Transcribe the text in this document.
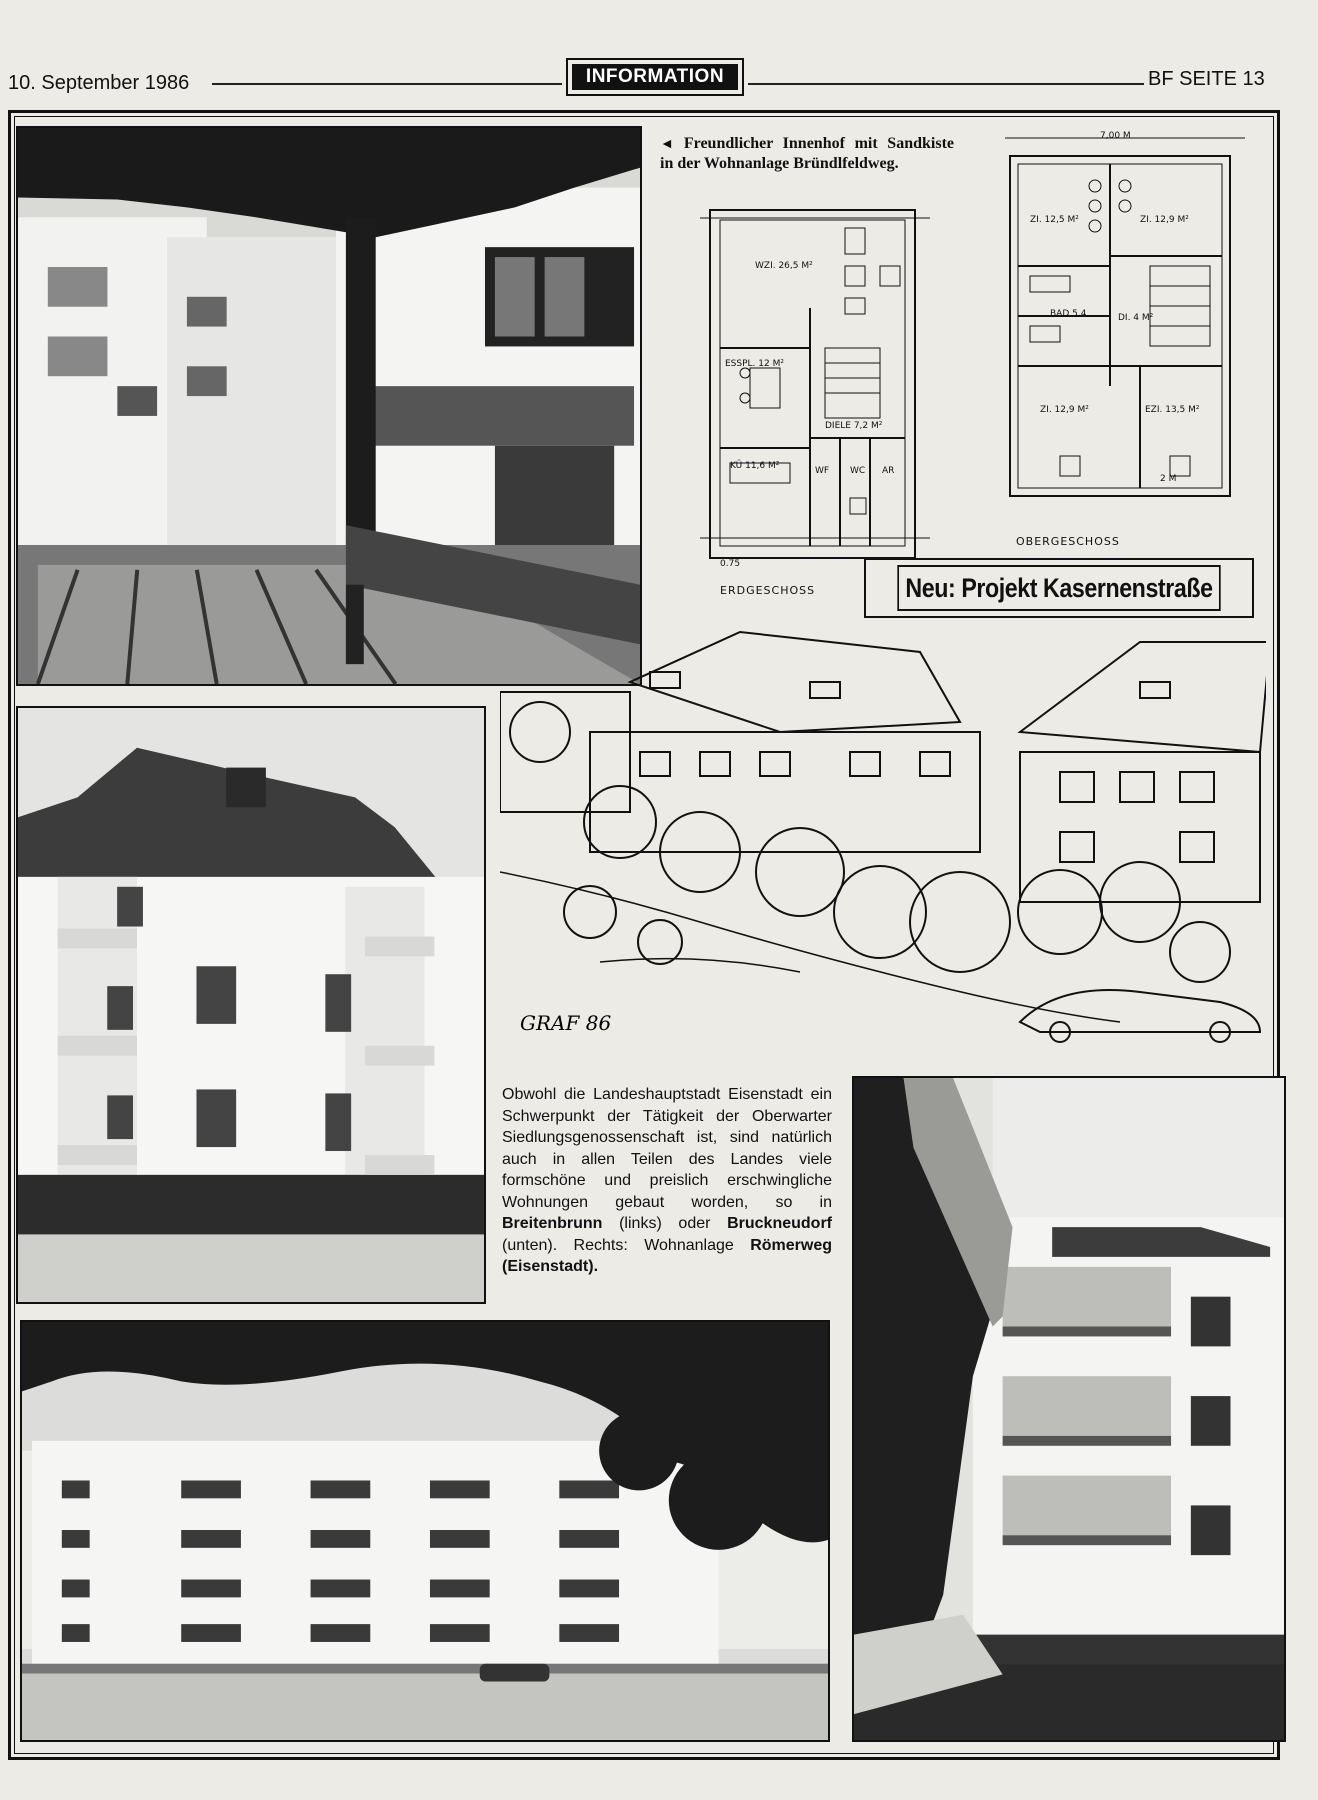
10. September 1986	INFORMATION	BF SEITE 13
◄ Freundlicher Innenhof mit Sandkiste in der Wohnanlage Bründlfeldweg.
WZI. 26,5 M²
ESSPL. 12 M²
DIELE 7,2 M²
KÜ 11,6 M²	WF WC AR
0.75
ERDGESCHOSS
7,00 M
ZI. 12,5 M²	ZI. 12,9 M²
BAD 5,4	DI. 4 M²
ZI. 12,9 M²	EZI. 13,5 M²
2 M
OBERGESCHOSS
Neu: Projekt Kasernenstraße
GRAF 86
Obwohl die Landeshauptstadt Eisenstadt ein Schwerpunkt der Tätigkeit der Oberwarter Siedlungsgenossenschaft ist, sind natürlich auch in allen Teilen des Landes viele formschöne und preislich erschwingliche Wohnungen gebaut worden, so in Breitenbrunn (links) oder Bruckneudorf (unten). Rechts: Wohnanlage Römerweg (Eisenstadt).
